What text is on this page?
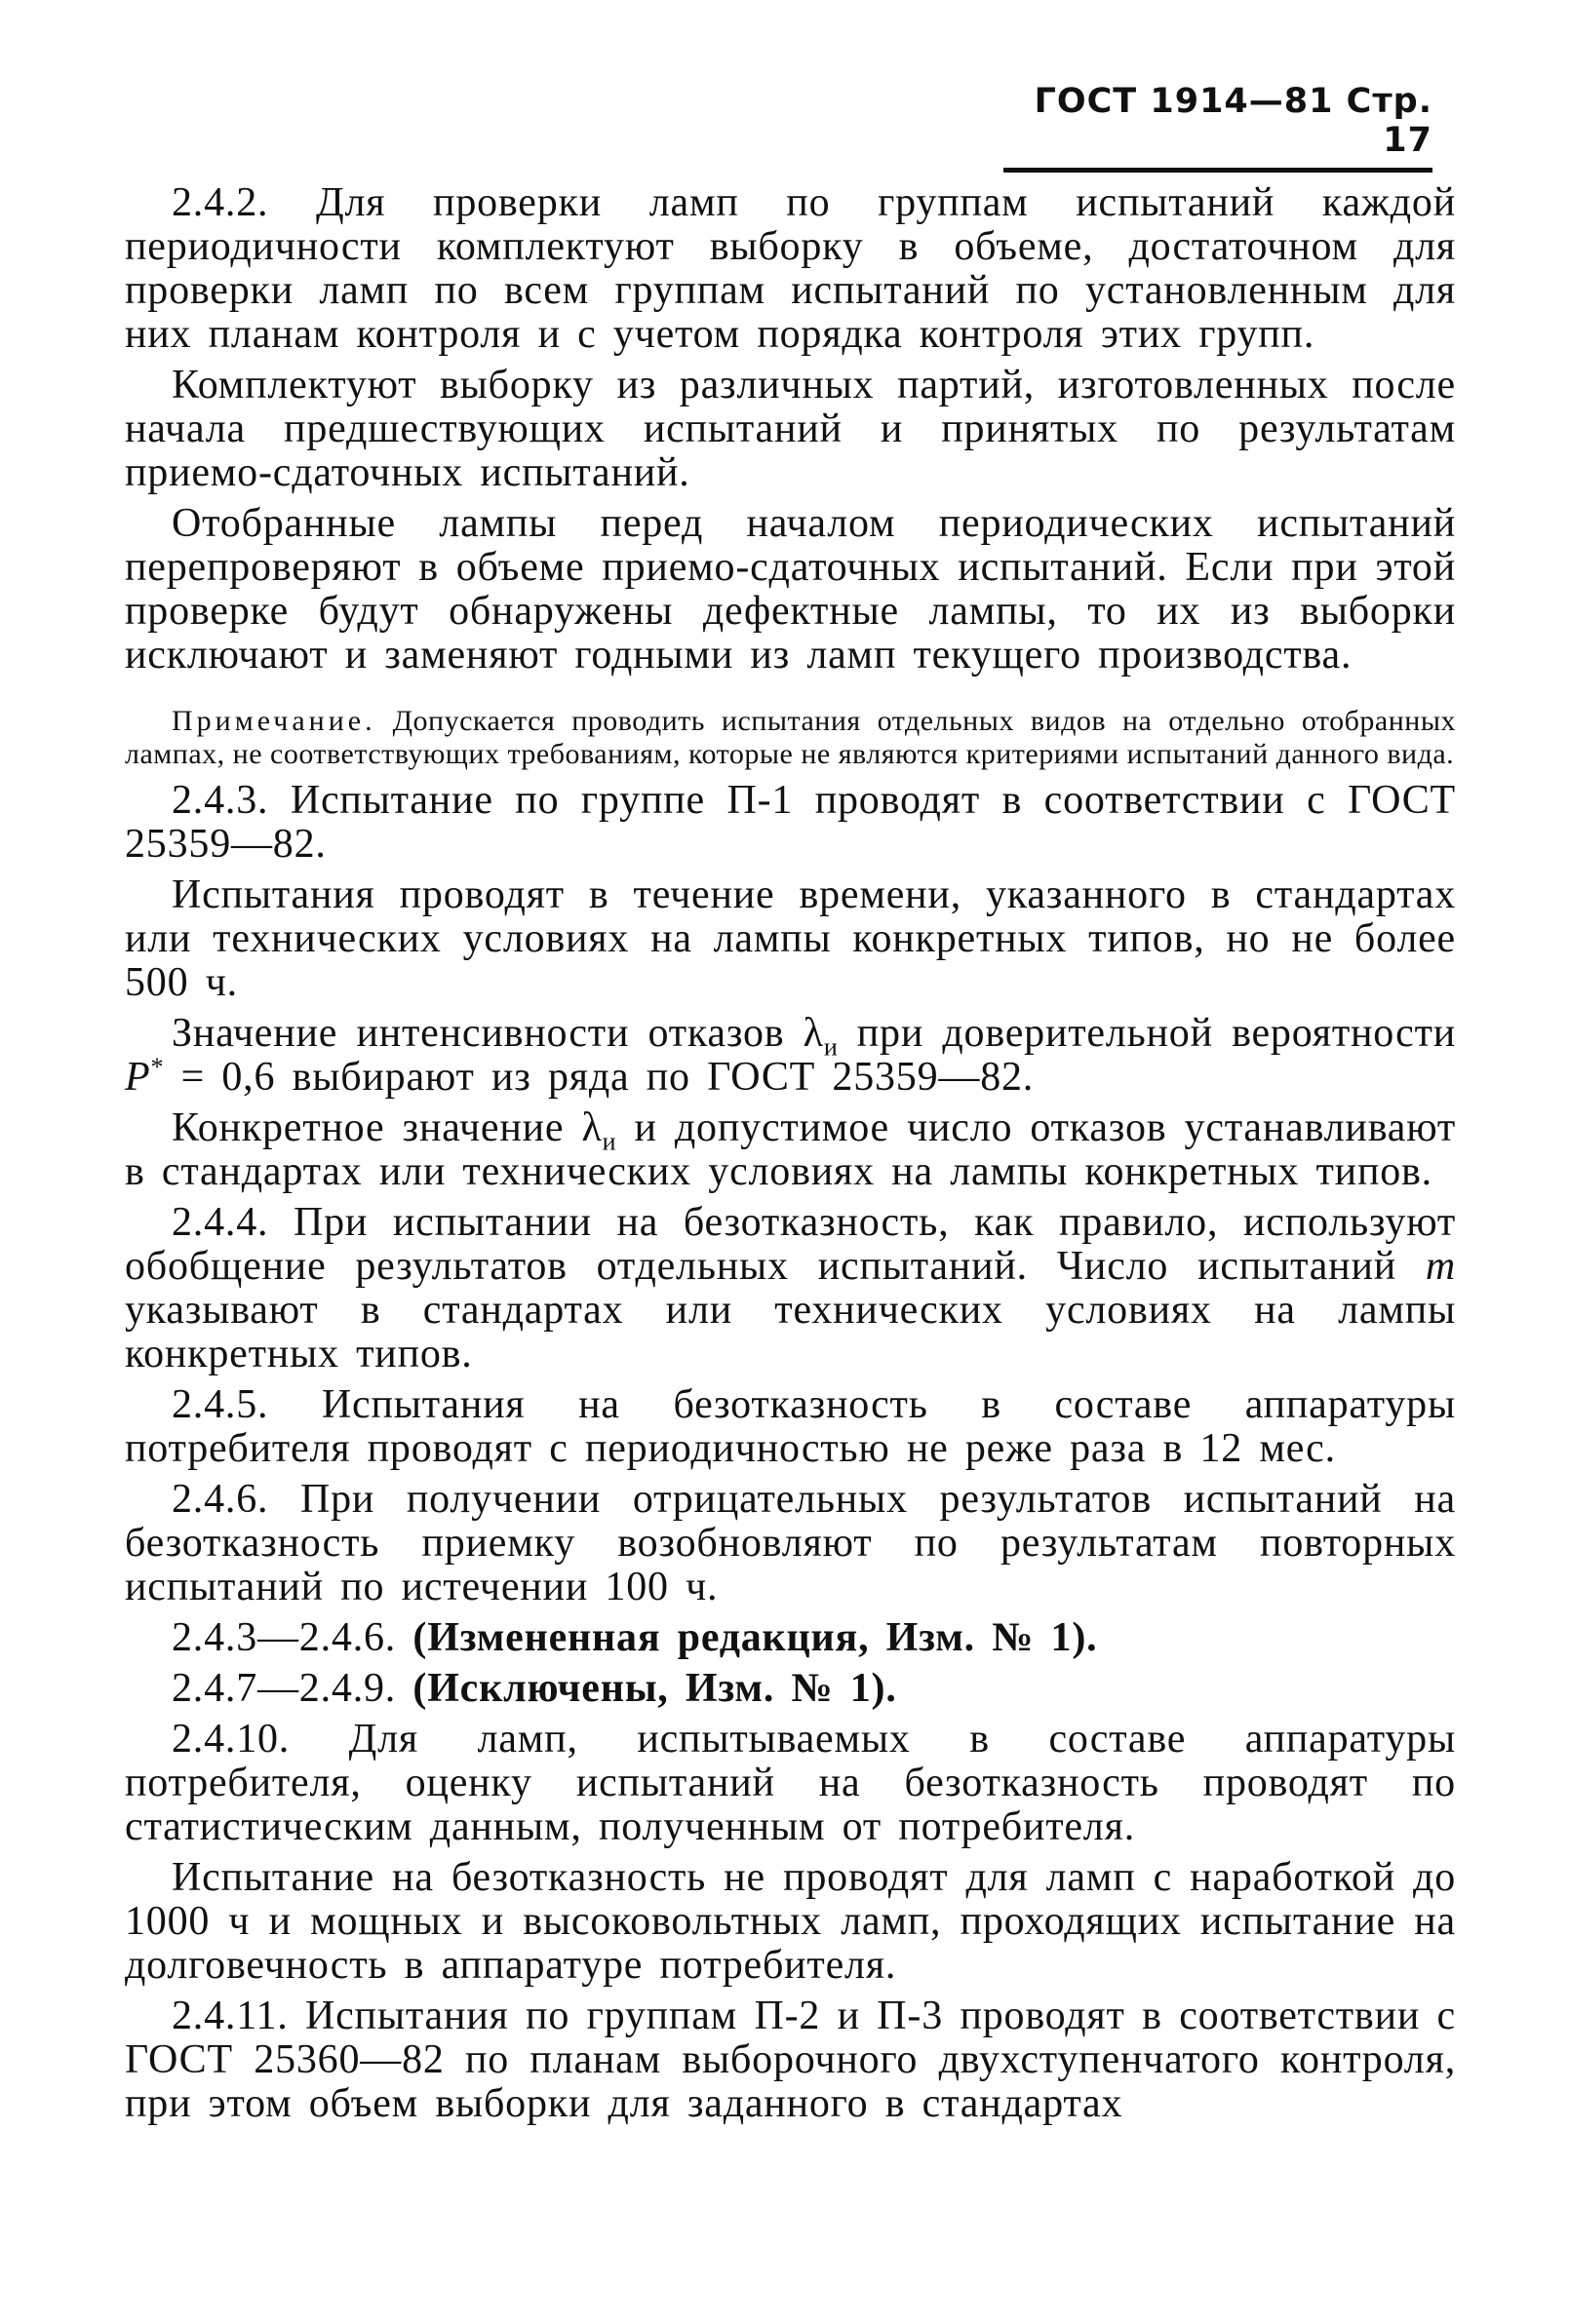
ГОСТ 1914—81 Стр. 17

2.4.2. Для проверки ламп по группам испытаний каждой периодичности комплектуют выборку в объеме, достаточном для проверки ламп по всем группам испытаний по установленным для них планам контроля и с учетом порядка контроля этих групп.

Комплектуют выборку из различных партий, изготовленных после начала предшествующих испытаний и принятых по результатам приемо-сдаточных испытаний.

Отобранные лампы перед началом периодических испытаний перепроверяют в объеме приемо-сдаточных испытаний. Если при этой проверке будут обнаружены дефектные лампы, то их из выборки исключают и заменяют годными из ламп текущего производства.

Примечание. Допускается проводить испытания отдельных видов на отдельно отобранных лампах, не соответствующих требованиям, которые не являются критериями испытаний данного вида.

2.4.3. Испытание по группе П-1 проводят в соответствии с ГОСТ 25359—82.

Испытания проводят в течение времени, указанного в стандартах или технических условиях на лампы конкретных типов, но не более 500 ч.

Значение интенсивности отказов $\lambda_и$ при доверительной вероятности P* = 0,6 выбирают из ряда по ГОСТ 25359—82.

Конкретное значение $\lambda_и$ и допустимое число отказов устанавливают в стандартах или технических условиях на лампы конкретных типов.

2.4.4. При испытании на безотказность, как правило, используют обобщение результатов отдельных испытаний. Число испытаний m указывают в стандартах или технических условиях на лампы конкретных типов.

2.4.5. Испытания на безотказность в составе аппаратуры потребителя проводят с периодичностью не реже раза в 12 мес.

2.4.6. При получении отрицательных результатов испытаний на безотказность приемку возобновляют по результатам повторных испытаний по истечении 100 ч.

2.4.3—2.4.6. (Измененная редакция, Изм. № 1).

2.4.7—2.4.9. (Исключены, Изм. № 1).

2.4.10. Для ламп, испытываемых в составе аппаратуры потребителя, оценку испытаний на безотказность проводят по статистическим данным, полученным от потребителя.

Испытание на безотказность не проводят для ламп с наработкой до 1000 ч и мощных и высоковольтных ламп, проходящих испытание на долговечность в аппаратуре потребителя.

2.4.11. Испытания по группам П-2 и П-3 проводят в соответствии с ГОСТ 25360—82 по планам выборочного двухступенчатого контроля, при этом объем выборки для заданного в стандартах
